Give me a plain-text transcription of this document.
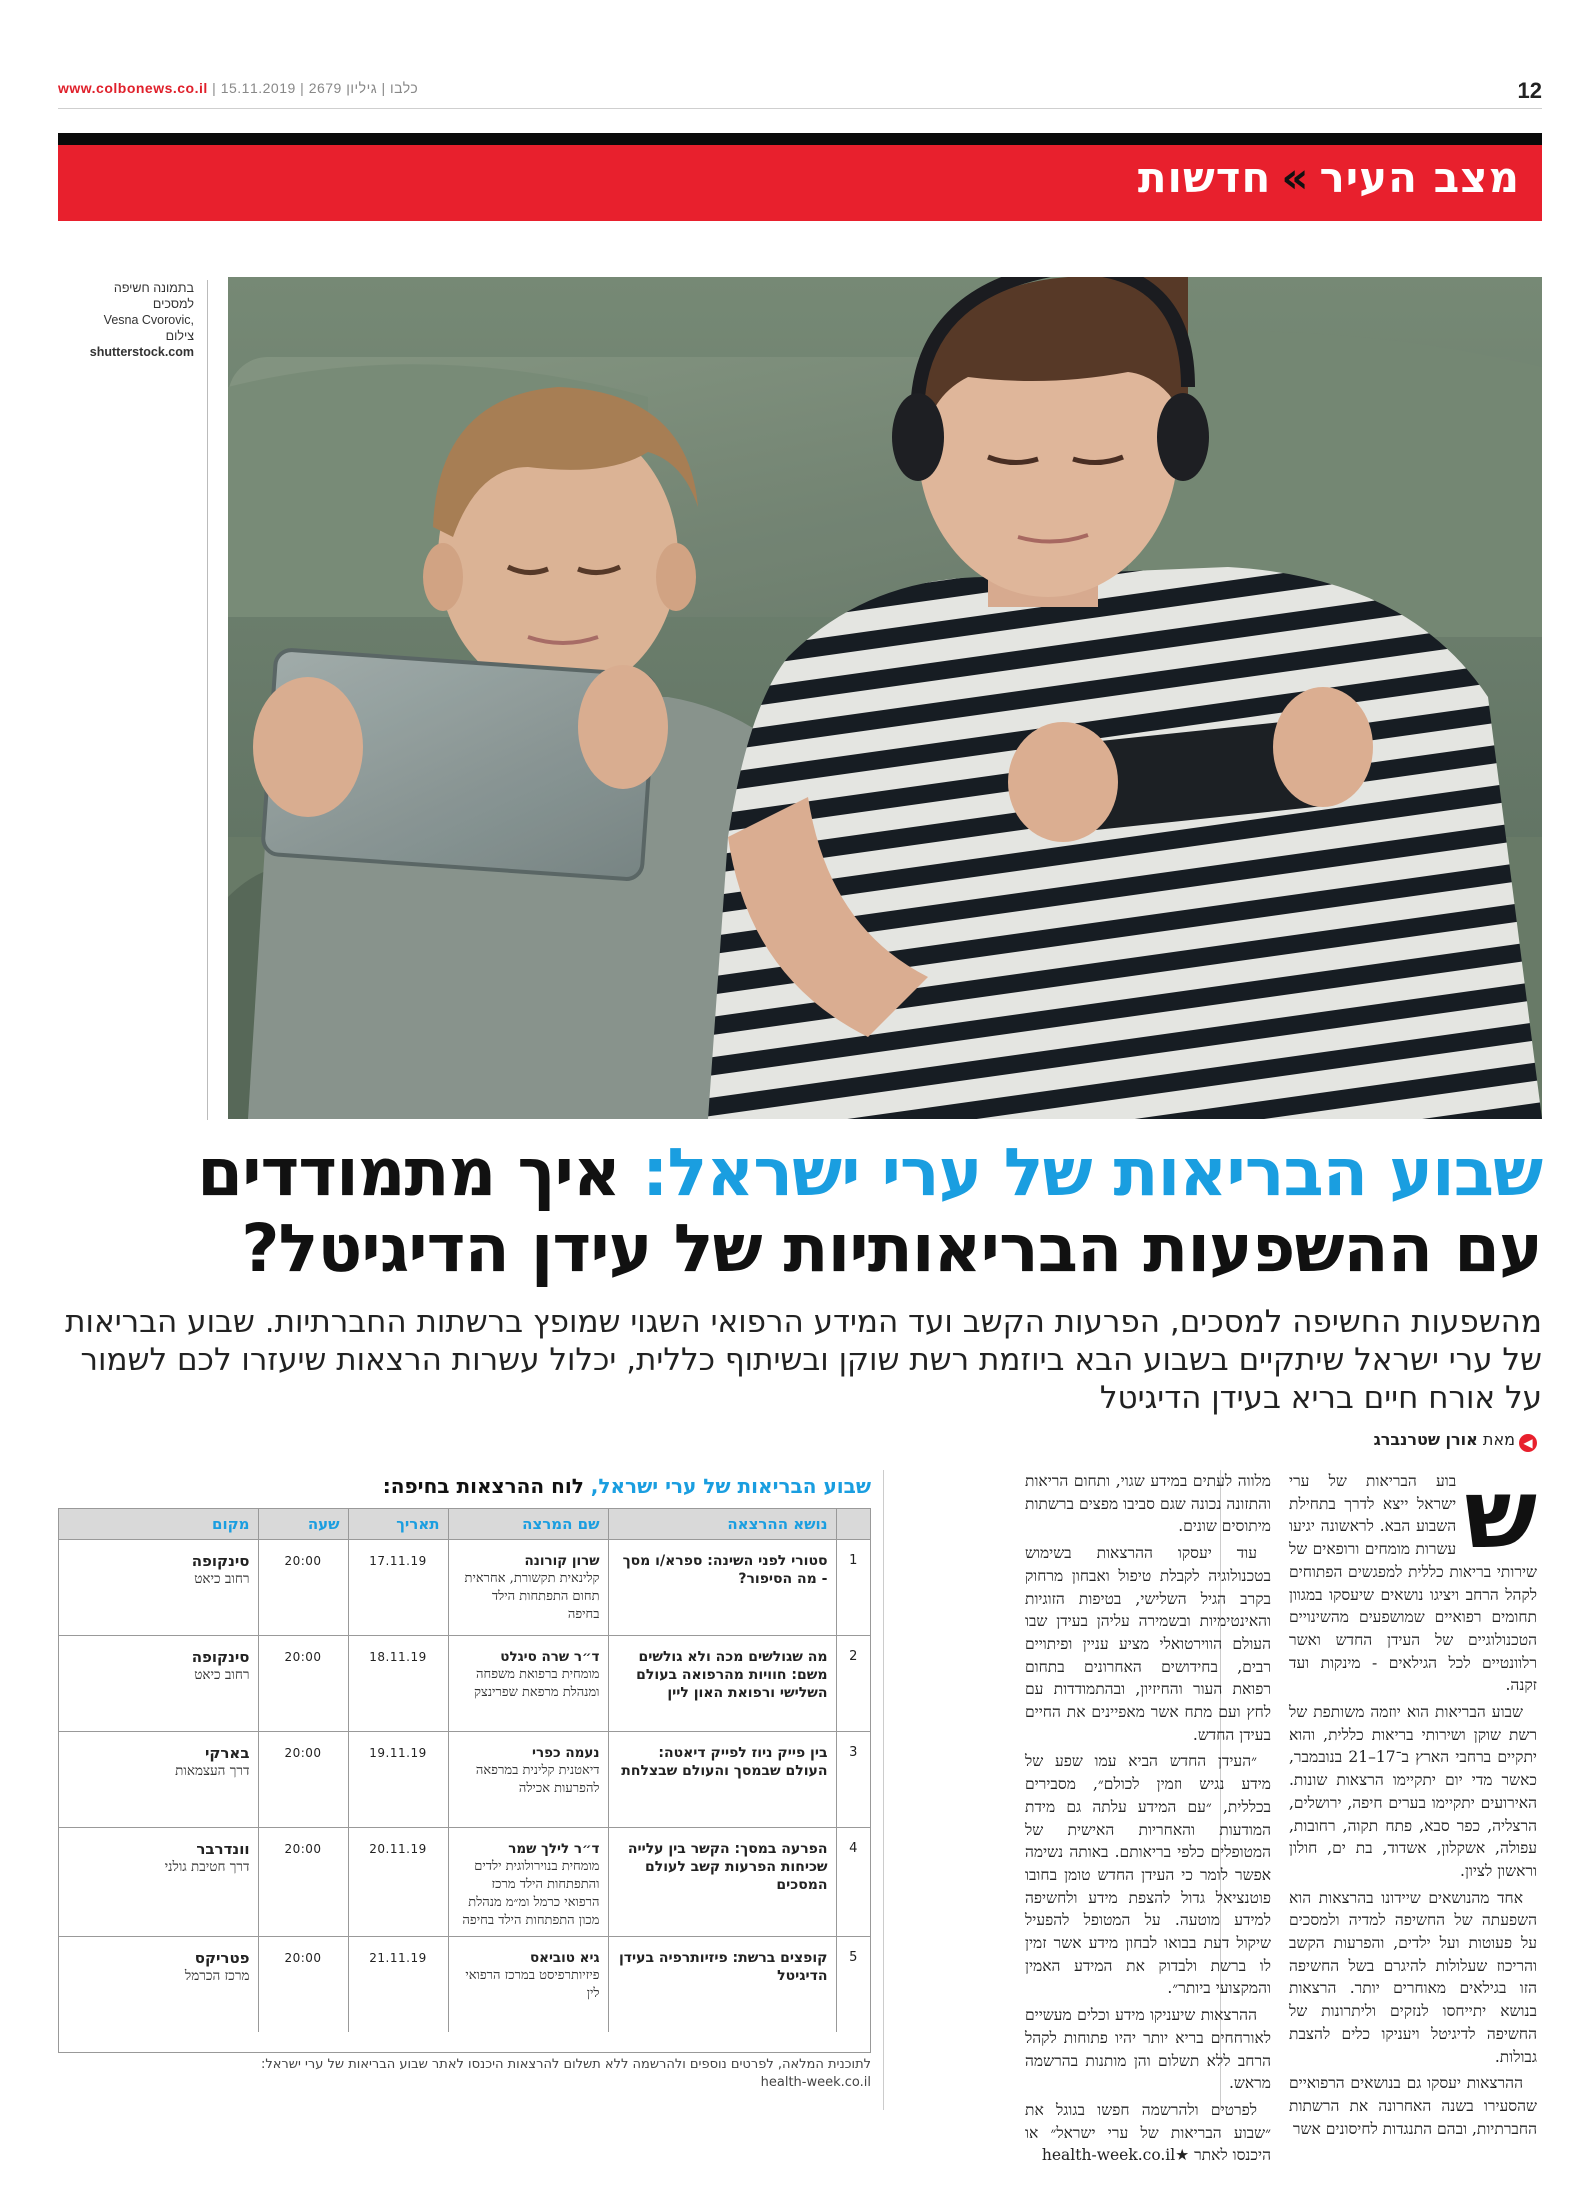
www.colbonews.co.il | כלבו | גיליון 2679 | 15.11.2019	12
מצב העיר»חדשות
בתמונה חשיפה
למסכים

Vesna Cvorovic,
צילום
shutterstock.com
שבוע הבריאות של ערי ישראל: איך מתמודדים
עם ההשפעות הבריאותיות של עידן הדיגיטל?
מהשפעות החשיפה למסכים, הפרעות הקשב ועד המידע הרפואי השגוי שמופץ ברשתות החברתיות. שבוע הבריאות של ערי ישראל שיתקיים בשבוע הבא ביוזמת רשת שוקן ובשיתוף כללית, יכלול עשרות הרצאות שיעזרו לכם לשמור על אורח חיים בריא בעידן הדיגיטל
◀מאת אורן שטרנברג
ש

בוע הבריאות של ערי ישראל ייצא לדרך בתחילת השבוע הבא. לראשונה יגיעו עשרות מומחים ורופאים של שירותי בריאות כללית למפגשים הפתוחים לקהל הרחב ויציגו נושאים שיעסקו במגוון תחומים רפואיים שמושפעים מהשינויים הטכנולוגיים של העידן החדש ואשר רלוונטיים לכל הגילאים - מינקות ועד זקנה.

שבוע הבריאות הוא יוזמה משותפת של רשת שוקן ושירותי בריאות כללית, והוא יתקיים ברחבי הארץ ב־17–21 בנובמבר, כאשר מדי יום יתקיימו הרצאות שונות. האירועים יתקיימו בערים חיפה, ירושלים, הרצליה, כפר סבא, פתח תקוה, רחובות, עפולה, אשקלון, אשדוד, בת ים, חולון וראשון לציון.

אחד מהנושאים שיידונו בהרצאות הוא השפעתה של החשיפה למדיה ולמסכים על פעוטות ועל ילדים, והפרעות הקשב והריכוז שעלולות להיגרם בשל החשיפה הזו בגילאים מאוחרים יותר. הרצאות בנושא יתייחסו לנזקים וליתרונות של החשיפה לדיגיטל ויעניקו כלים להצבת גבולות.

ההרצאות יעסקו גם בנושאים הרפואיים שהסעירו בשנה האחרונה את הרשתות החברתיות, ובהם התנגדות לחיסונים אשר

מלווה לעתים במידע שגוי, ותחום הריאות והתזונה נכונה שגם סביבו מפצים ברשתות מיתוסים שונים.

עוד יעסקו ההרצאות בשימוש בטכנולוגיה לקבלת טיפול ואבחון מרחוק בקרב הגיל השלישי, בטיפות הזוגיות והאינטימיות ובשמירה עליהן בעידן שבו העולם הווירטואלי מציע עניין ופיתויים רבים, בחידושים האחרונים בתחום רפואת העור והחיזיון, ובהתמודדות עם לחץ ועם מתח אשר מאפיינים את החיים בעידן החדש.

״העידן החדש הביא עמו שפע של מידע נגיש וזמין לכולם״, מסבירים בכללית, ״עם המידע עלתה גם מידת המודעות והאחריות האישית של המטופלים כלפי בריאותם. באותה נשימה אפשר לומר כי העידן החדש טומן בחובו פוטנציאל גדול להצפת מידע ולחשיפה למידע מוטעה. על המטופל להפעיל שיקול דעת בבואו לבחון מידע אשר זמין לו ברשת ולבדוק את המידע האמין והמקצועי ביותר״.

ההרצאות שיעניקו מידע וכלים מעשיים לאורחחים בריא יותר יהיו פתוחות לקהל הרחב ללא תשלום והן מותנות בהרשמה מראש.

לפרטים ולהרשמה חפשו בגוגל את ״שבוע הבריאות של ערי ישראל״ או היכנסו לאתר health-week.co.il★

שבוע הבריאות של ערי ישראל, לוח ההרצאות בחיפה:
	נושא ההרצאה	שם המרצה	תאריך	שעה	מקום
1	סטורי לפני השינה: ספרא/ו מסך - מה הסיפור?	שרון קורונה
קלינאית תקשורת, אחראית תחום התפתחות הילד בחיפה	17.11.19	20:00	סינקופה
רחוב כיאט

2	מה שגולשים מכה ולא גולשים משם: חוויות מהרפואה בעולם השלישי ורפואת האון ליין	ד״ר שרה סיגלט
מומחית ברפואת משפחה ומנהלת מרפאת שפרינצק	18.11.19	20:00	סינקופה
רחוב כיאט

3	בין פייק ניוז לפייק דיאטה: העולם שבמסך והעולם שבצלחת	נעמה כפרי
דיאטנית קלינית במרפאה להפרעות אכילה	19.11.19	20:00	בארקי
דרך העצמאות

4	הפרעה במסך: הקשר בין עלייה שכיחות הפרעות קשב לעולם המסכים	ד״ר לילך שמר
מומחית בנוירולוגית ילדים והתפתחות הילד מרכז הרפואי כרמל ומ״מ מנהלת מכון התפתחות הילד בחיפה	20.11.19	20:00	וונדרבר
דרך חטיבת גולני

5	קופצים ברשת: פיזיותרפיה בעידן הדיגיטל	גיא טוביאס
פיזיותרפיסט במרכז הרפואי לין	21.11.19	20:00	פטריקס
מרכז הכרמל
לתוכנית המלאה, לפרטים נוספים ולהרשמה ללא תשלום להרצאות היכנסו לאתר שבוע הבריאות של ערי ישראל:
health-week.co.il
